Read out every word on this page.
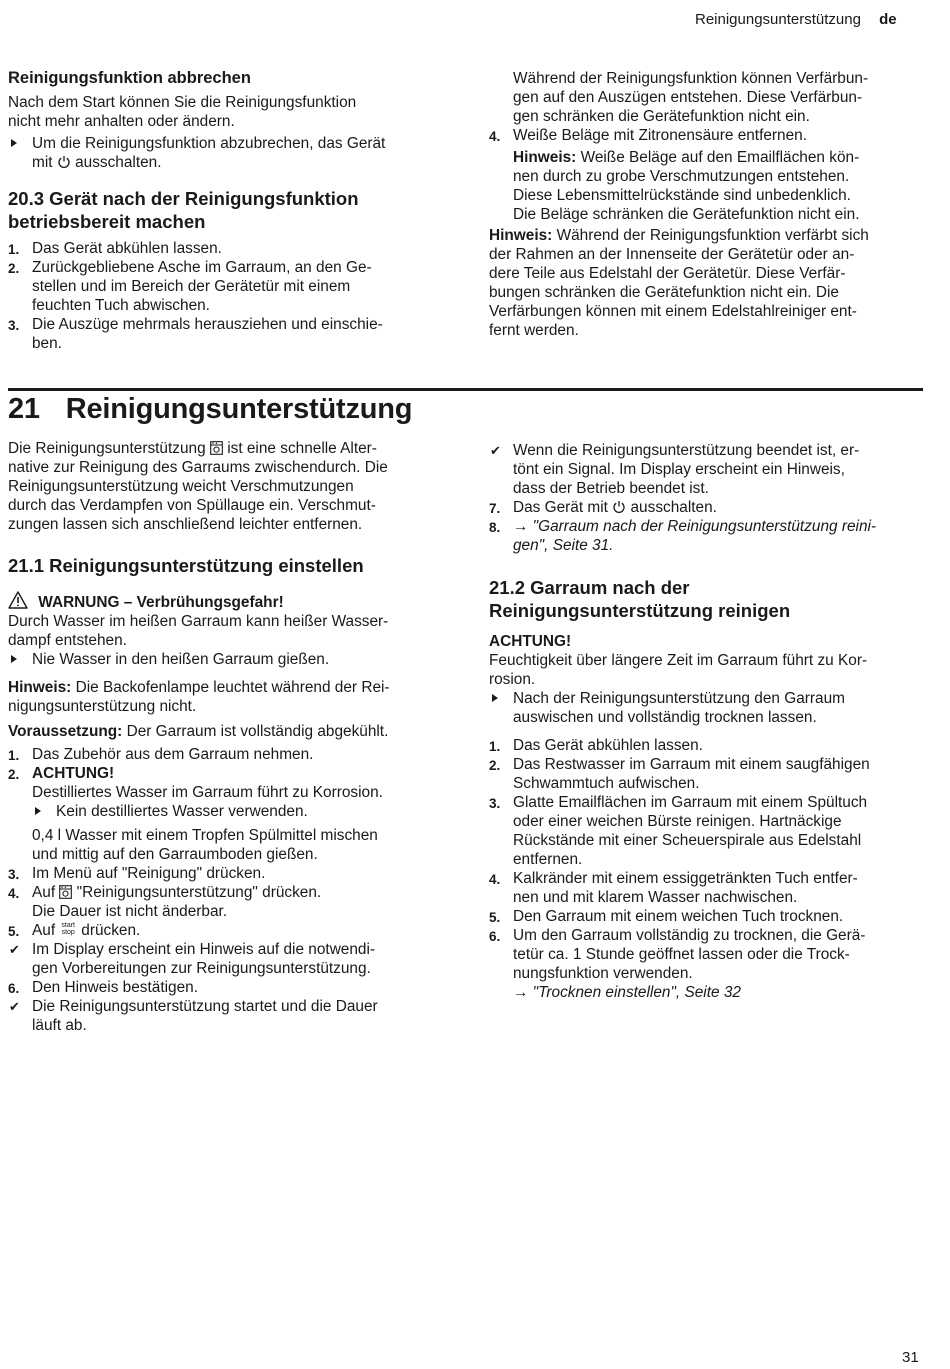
Reinigungsunterstützung de
Reinigungsfunktion abbrechen
Nach dem Start können Sie die Reinigungsfunktion
nicht mehr anhalten oder ändern.
Um die Reinigungsfunktion abzubrechen, das Gerät
mit ausschalten.
20.3 Gerät nach der Reinigungsfunktion
betriebsbereit machen
1. Das Gerät abkühlen lassen.
2. Zurückgebliebene Asche im Garraum, an den Ge-
stellen und im Bereich der Gerätetür mit einem
feuchten Tuch abwischen.
3. Die Auszüge mehrmals herausziehen und einschie-
ben.
Während der Reinigungsfunktion können Verfärbun-
gen auf den Auszügen entstehen. Diese Verfärbun-
gen schränken die Gerätefunktion nicht ein.
4. Weiße Beläge mit Zitronensäure entfernen.
Hinweis: Weiße Beläge auf den Emailflächen kön-
nen durch zu grobe Verschmutzungen entstehen.
Diese Lebensmittelrückstände sind unbedenklich.
Die Beläge schränken die Gerätefunktion nicht ein.
Hinweis: Während der Reinigungsfunktion verfärbt sich
der Rahmen an der Innenseite der Gerätetür oder an-
dere Teile aus Edelstahl der Gerätetür. Diese Verfär-
bungen schränken die Gerätefunktion nicht ein. Die
Verfärbungen können mit einem Edelstahlreiniger ent-
fernt werden.
21 Reinigungsunterstützung
Die Reinigungsunterstützung ist eine schnelle Alter-
native zur Reinigung des Garraums zwischendurch. Die
Reinigungsunterstützung weicht Verschmutzungen
durch das Verdampfen von Spüllauge ein. Verschmut-
zungen lassen sich anschließend leichter entfernen.
21.1 Reinigungsunterstützung einstellen
WARNUNG – Verbrühungsgefahr!
Durch Wasser im heißen Garraum kann heißer Wasser-
dampf entstehen.
Nie Wasser in den heißen Garraum gießen.
Hinweis: Die Backofenlampe leuchtet während der Rei-
nigungsunterstützung nicht.
Voraussetzung: Der Garraum ist vollständig abgekühlt.
1. Das Zubehör aus dem Garraum nehmen.
2. ACHTUNG!
Destilliertes Wasser im Garraum führt zu Korrosion.
Kein destilliertes Wasser verwenden.
0,4 l Wasser mit einem Tropfen Spülmittel mischen
und mittig auf den Garraumboden gießen.
3. Im Menü auf "Reinigung" drücken.
4. Auf "Reinigungsunterstützung" drücken.
Die Dauer ist nicht änderbar.
5. Auf start
stop drücken.
✔ Im Display erscheint ein Hinweis auf die notwendi-
gen Vorbereitungen zur Reinigungsunterstützung.
6. Den Hinweis bestätigen.
✔ Die Reinigungsunterstützung startet und die Dauer
läuft ab.
✔ Wenn die Reinigungsunterstützung beendet ist, er-
tönt ein Signal. Im Display erscheint ein Hinweis,
dass der Betrieb beendet ist.
7. Das Gerät mit ausschalten.
8. → "Garraum nach der Reinigungsunterstützung reini-
gen", Seite 31.
21.2 Garraum nach der
Reinigungsunterstützung reinigen
ACHTUNG!
Feuchtigkeit über längere Zeit im Garraum führt zu Kor-
rosion.
Nach der Reinigungsunterstützung den Garraum
auswischen und vollständig trocknen lassen.
1. Das Gerät abkühlen lassen.
2. Das Restwasser im Garraum mit einem saugfähigen
Schwammtuch aufwischen.
3. Glatte Emailflächen im Garraum mit einem Spültuch
oder einer weichen Bürste reinigen. Hartnäckige
Rückstände mit einer Scheuerspirale aus Edelstahl
entfernen.
4. Kalkränder mit einem essiggetränkten Tuch entfer-
nen und mit klarem Wasser nachwischen.
5. Den Garraum mit einem weichen Tuch trocknen.
6. Um den Garraum vollständig zu trocknen, die Gerä-
tetür ca. 1 Stunde geöffnet lassen oder die Trock-
nungsfunktion verwenden.
→ "Trocknen einstellen", Seite 32
31
